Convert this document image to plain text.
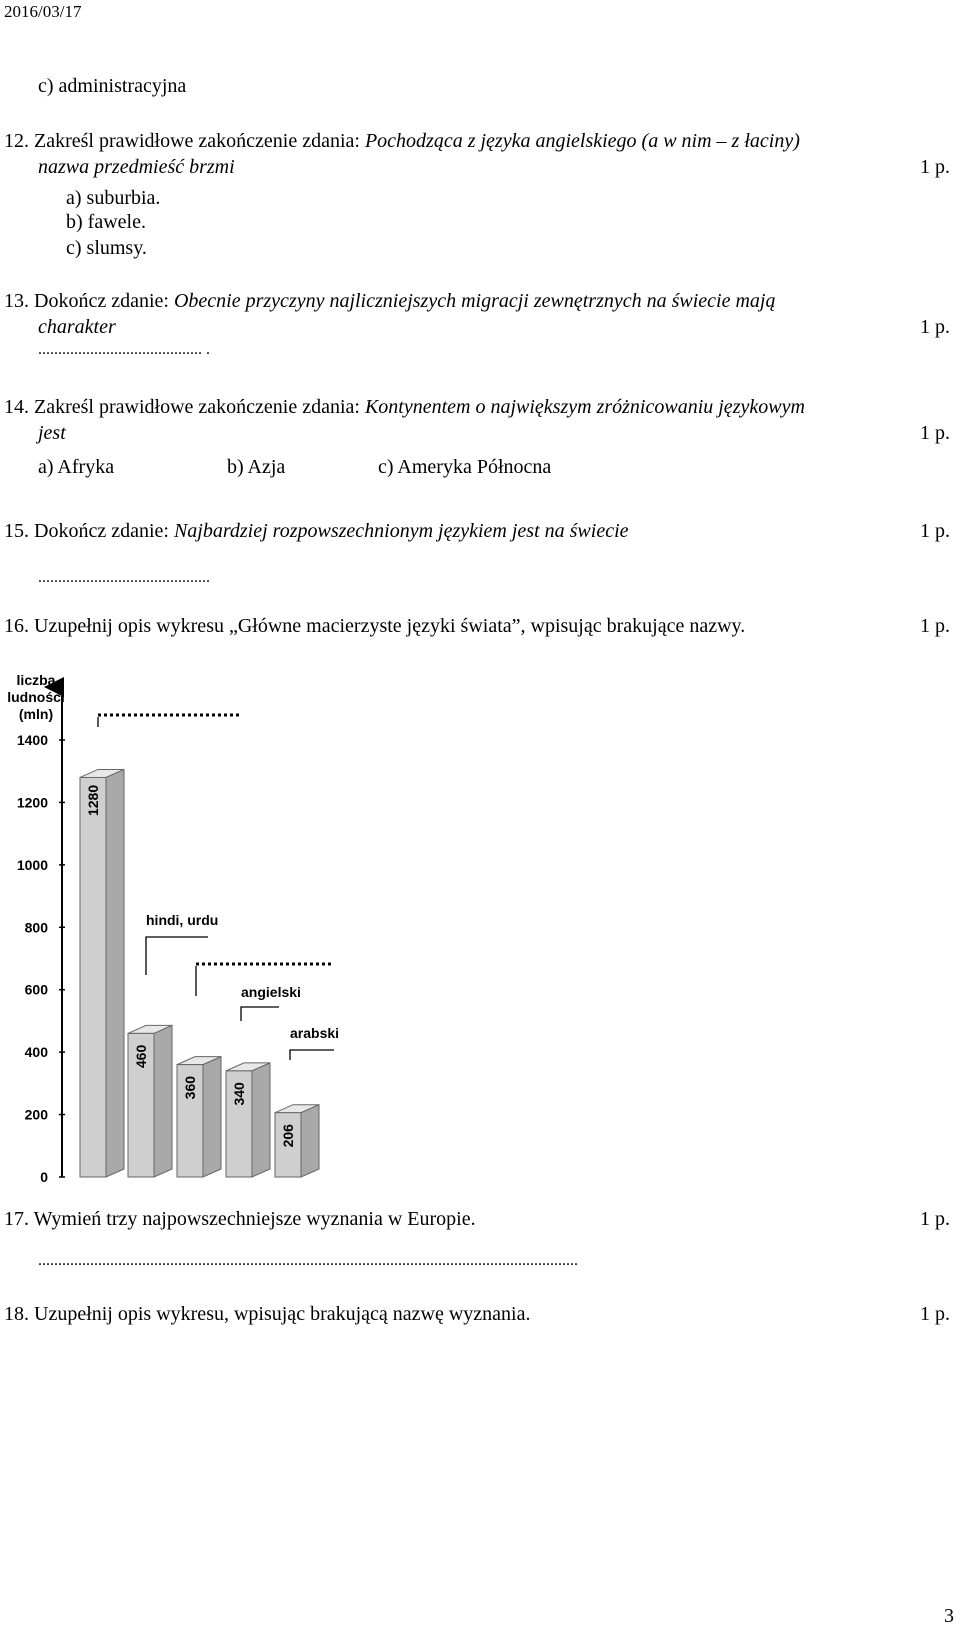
2016/03/17
c) administracyjna
12. Zakreśl prawidłowe zakończenie zdania: Pochodząca z języka angielskiego (a w nim – z łaciny)
nazwa przedmieść brzmi	1 p.
a) suburbia.
b) fawele.
c) slumsy.
13. Dokończ zdanie: Obecnie przyczyny najliczniejszych migracji zewnętrznych na świecie mają
charakter	1 p.
......................................... .
14. Zakreśl prawidłowe zakończenie zdania: Kontynentem o największym zróżnicowaniu językowym
jest	1 p.
a) Afryka	b) Azja	c) Ameryka Północna
15. Dokończ zdanie: Najbardziej rozpowszechnionym językiem jest na świecie	1 p.
...........................................
16. Uzupełnij opis wykresu „Główne macierzyste języki świata”, wpisując brakujące nazwy.	1 p.
liczba
ludności
(mln)
0
200
400
600
800
1000
1200
1400
1280
460
360 340
206
hindi, urdu
angielski
arabski
17. Wymień trzy najpowszechniejsze wyznania w Europie.	1 p.
.......................................................................................................................................
18. Uzupełnij opis wykresu, wpisując brakującą nazwę wyznania.	1 p.
3
